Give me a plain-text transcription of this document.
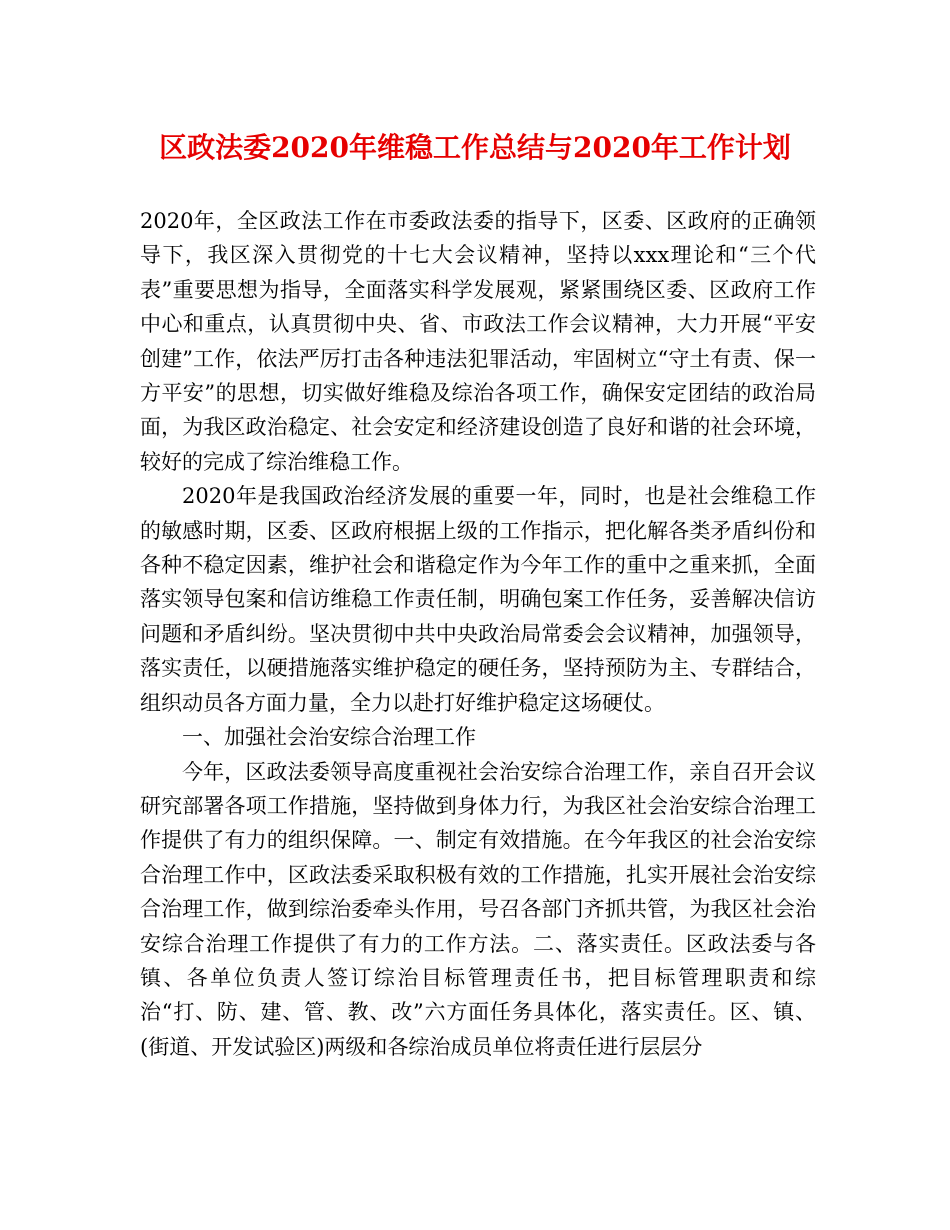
区政法委2020年维稳工作总结与2020年工作计划

2020年，全区政法工作在市委政法委的指导下，区委、区政府的正确领导下，我区深入贯彻党的十七大会议精神，坚持以xxx理论和“三个代表”重要思想为指导，全面落实科学发展观，紧紧围绕区委、区政府工作中心和重点，认真贯彻中央、省、市政法工作会议精神，大力开展“平安创建”工作，依法严厉打击各种违法犯罪活动，牢固树立“守土有责、保一方平安”的思想，切实做好维稳及综治各项工作，确保安定团结的政治局面，为我区政治稳定、社会安定和经济建设创造了良好和谐的社会环境，较好的完成了综治维稳工作。

2020年是我国政治经济发展的重要一年，同时，也是社会维稳工作的敏感时期，区委、区政府根据上级的工作指示，把化解各类矛盾纠份和各种不稳定因素，维护社会和谐稳定作为今年工作的重中之重来抓，全面落实领导包案和信访维稳工作责任制，明确包案工作任务，妥善解决信访问题和矛盾纠纷。坚决贯彻中共中央政治局常委会会议精神，加强领导，落实责任，以硬措施落实维护稳定的硬任务，坚持预防为主、专群结合，组织动员各方面力量，全力以赴打好维护稳定这场硬仗。

一、加强社会治安综合治理工作

今年，区政法委领导高度重视社会治安综合治理工作，亲自召开会议研究部署各项工作措施，坚持做到身体力行，为我区社会治安综合治理工作提供了有力的组织保障。一、制定有效措施。在今年我区的社会治安综合治理工作中，区政法委采取积极有效的工作措施，扎实开展社会治安综合治理工作，做到综治委牵头作用，号召各部门齐抓共管，为我区社会治安综合治理工作提供了有力的工作方法。二、落实责任。区政法委与各镇、各单位负责人签订综治目标管理责任书，把目标管理职责和综治“打、防、建、管、教、改”六方面任务具体化，落实责任。区、镇、(街道、开发试验区)两级和各综治成员单位将责任进行层层分
